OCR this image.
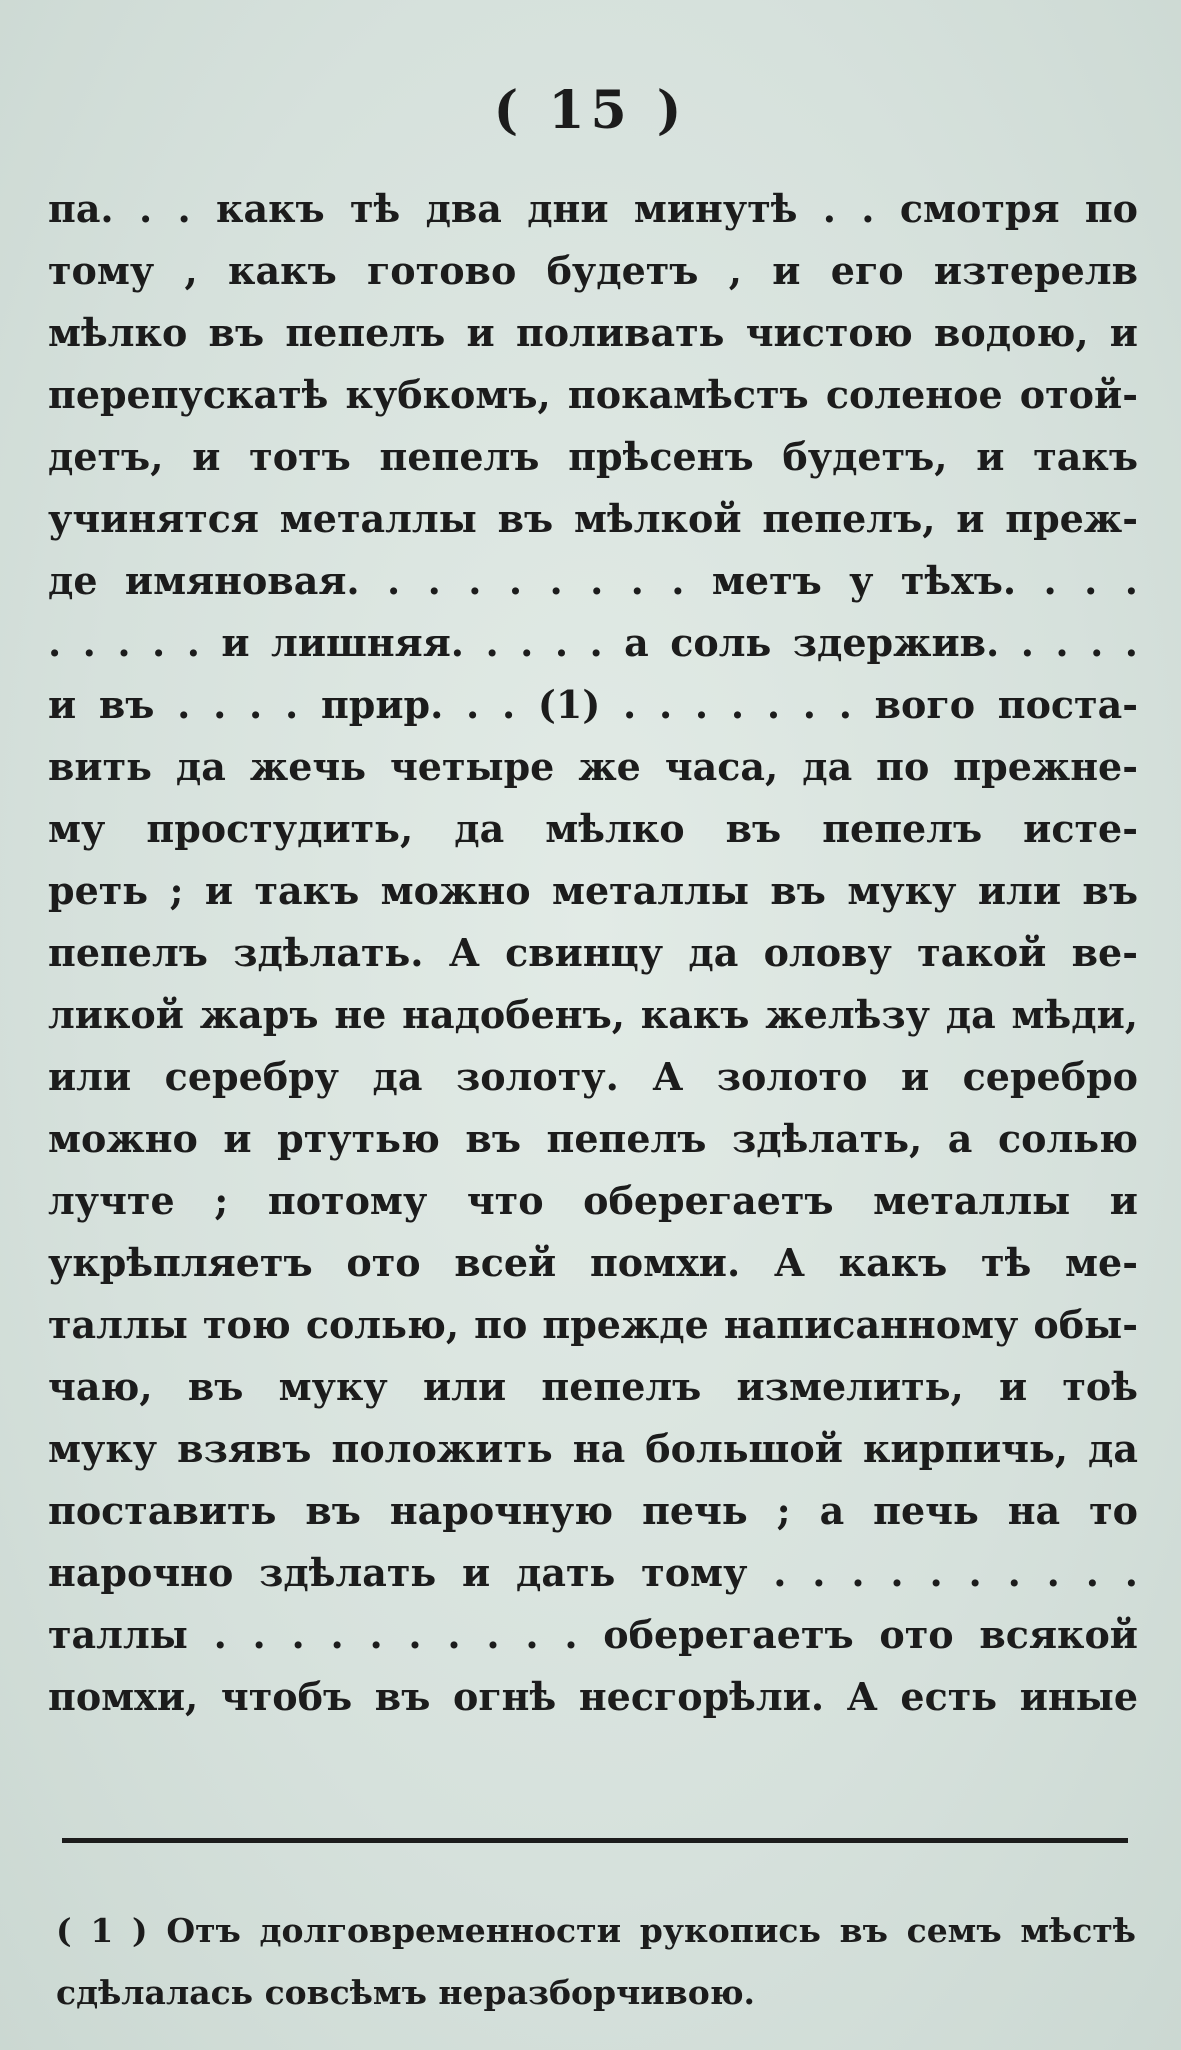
( 15 )
па. . . какъ тѣ два дни минутѣ . . смотря по
тому , какъ готово будетъ , и его изтерелв
мѣлко въ пепелъ и поливать чистою водою, и
перепускатѣ кубкомъ, покамѣстъ соленое отой-
детъ, и тотъ пепелъ прѣсенъ будетъ, и такъ
учинятся металлы въ мѣлкой пепелъ, и преж-
де имяновая. . . . . . . . . метъ у тѣхъ. . . .
. . . . . и лишняя. . . . . а соль здержив. . . . .
и въ . . . . прир. . . (1) . . . . . . . вого поста-
вить да жечь четыре же часа, да по прежне-
му простудить, да мѣлко въ пепелъ исте-
реть ; и такъ можно металлы въ муку или въ
пепелъ здѣлать. А свинцу да олову такой ве-
ликой жаръ не надобенъ, какъ желѣзу да мѣди,
или серебру да золоту. А золото и серебро
можно и ртутью въ пепелъ здѣлать, а солью
лучте ; потому что оберегаетъ металлы и
укрѣпляетъ ото всей помхи. А какъ тѣ ме-
таллы тою солью, по прежде написанному обы-
чаю, въ муку или пепелъ измелить, и тоѣ
муку взявъ положить на большой кирпичь, да
поставить въ нарочную печь ; а печь на то
нарочно здѣлать и дать тому . . . . . . . . . .
таллы . . . . . . . . . . оберегаетъ ото всякой
помхи, чтобъ въ огнѣ несгорѣли. А есть иные
( 1 ) Отъ долговременности рукопись въ семъ мѣстѣ
сдѣлалась совсѣмъ неразборчивою.
